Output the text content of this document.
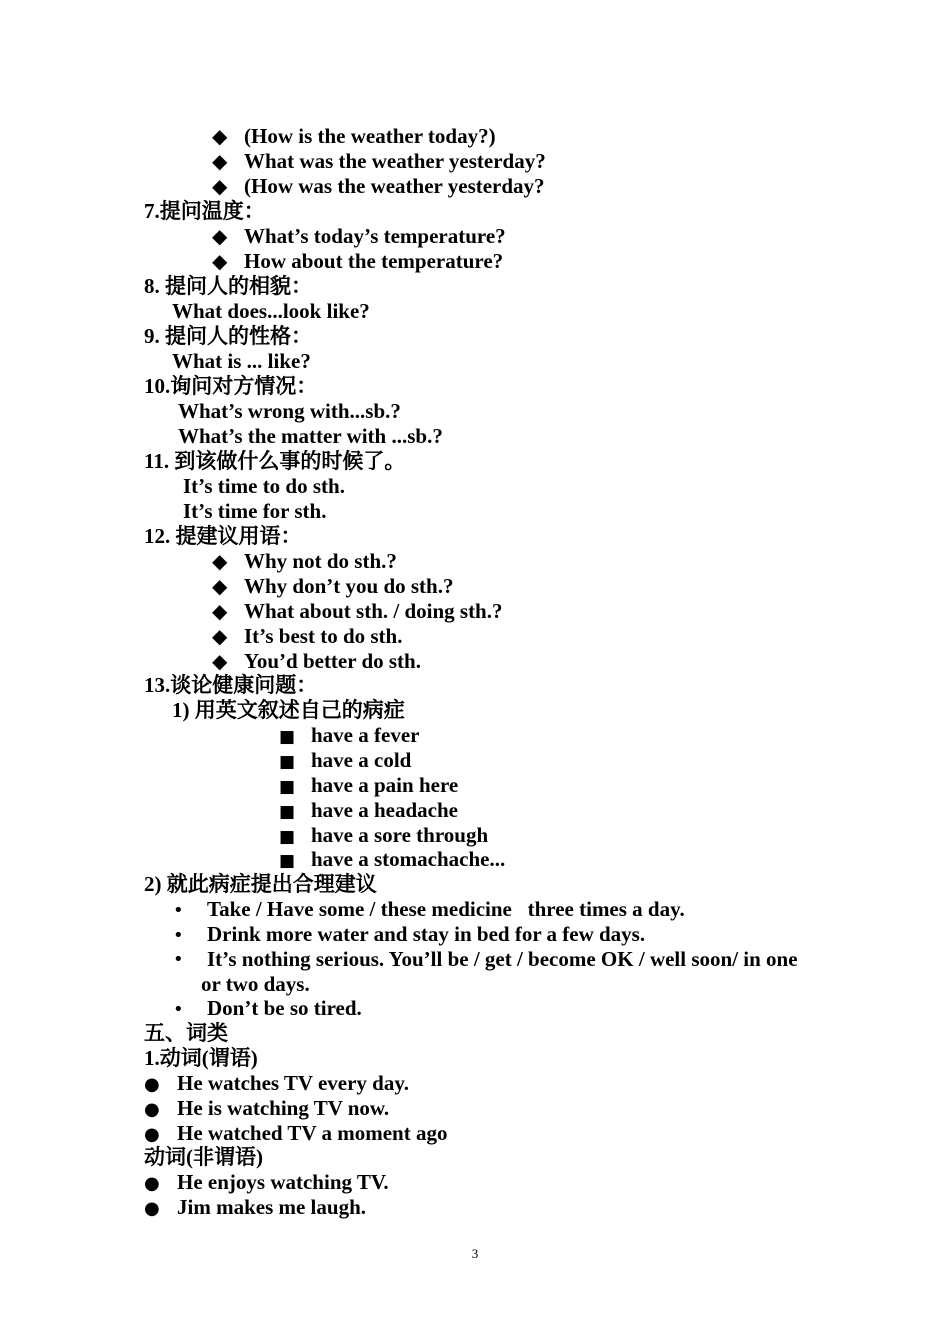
◆ (How is the weather today?)
◆ What was the weather yesterday?
◆ (How was the weather yesterday?
7.提问温度：
◆ What’s today’s temperature?
◆ How about the temperature?
8. 提问人的相貌：
What does...look like?
9. 提问人的性格：
What is ... like?
10.询问对方情况：
What’s wrong with...sb.?
What’s the matter with ...sb.?
11. 到该做什么事的时候了。
It’s time to do sth.
It’s time for sth.
12. 提建议用语：
◆ Why not do sth.?
◆ Why don’t you do sth.?
◆ What about sth. / doing sth.?
◆ It’s best to do sth.
◆ You’d better do sth.
13.谈论健康问题：
1) 用英文叙述自己的病症
■ have a fever
■ have a cold
■ have a pain here
■ have a headache
■ have a sore through
■ have a stomachache...
2) 就此病症提出合理建议
• Take / Have some / these medicine   three times a day.
• Drink more water and stay in bed for a few days.
• It’s nothing serious. You’ll be / get / become OK / well soon/ in one or two days.
• Don’t be so tired.
五、词类
1.动词(谓语)
● He watches TV every day.
● He is watching TV now.
● He watched TV a moment ago
动词(非谓语)
● He enjoys watching TV.
● Jim makes me laugh.
3
